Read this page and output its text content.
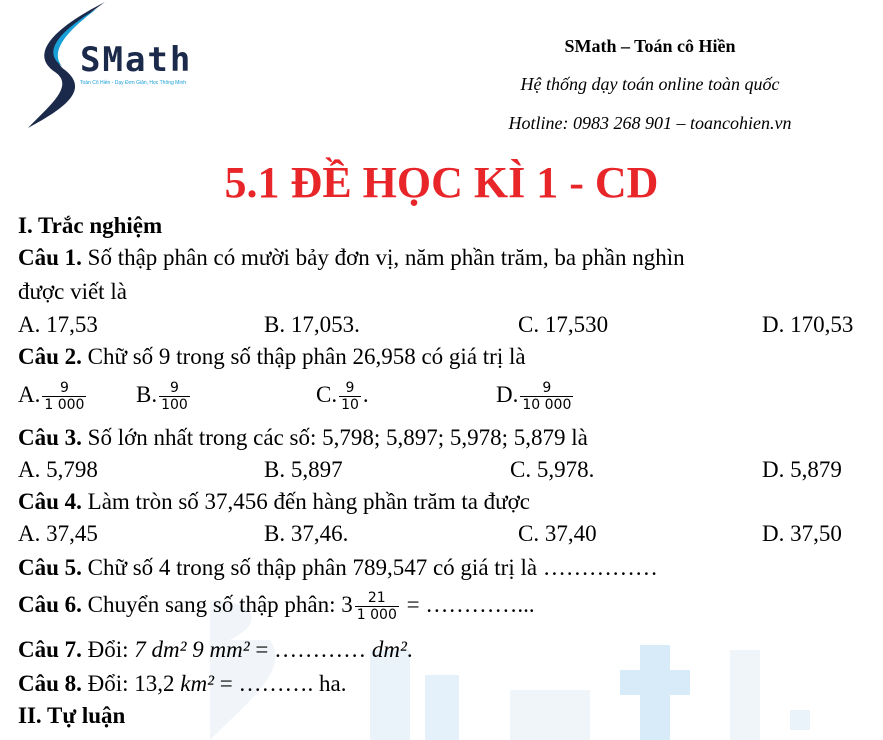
SMath
Toán Cô Hiền - Dạy Đơn Giản, Học Thông Minh
SMath – Toán cô Hiền
Hệ thống dạy toán online toàn quốc
Hotline: 0983 268 901 – toancohien.vn
5.1 ĐỀ HỌC KÌ 1 - CD
I. Trắc nghiệm
Câu 1. Số thập phân có mười bảy đơn vị, năm phần trăm, ba phần nghìn
được viết là
A. 17,53	B. 17,053.	C. 17,530	D. 170,53
Câu 2. Chữ số 9 trong số thập phân 26,958 có giá trị là
A. $\frac{9}{1 000} B$. $\frac{9}{100}$	C. $\frac{9}{10}$ .	D. $\frac{9}{10 000}$
Câu 3. Số lớn nhất trong các số: 5,798; 5,897; 5,978; 5,879 là
A. 5,798	B. 5,897	C. 5,978.	D. 5,879
Câu 4. Làm tròn số 37,456 đến hàng phần trăm ta được
A. 37,45	B. 37,46.	C. 37,40	D. 37,50
Câu 5. Chữ số 4 trong số thập phân 789,547 có giá trị là ……………
Câu 6. Chuyển sang số thập phân: $3 \frac{21}{1 000}$ = …………...
Câu 7. Đổi: 7 dm² 9 mm² = ………… dm².
Câu 8. Đổi: 13,2 km² = ………. ha.
II. Tự luận
